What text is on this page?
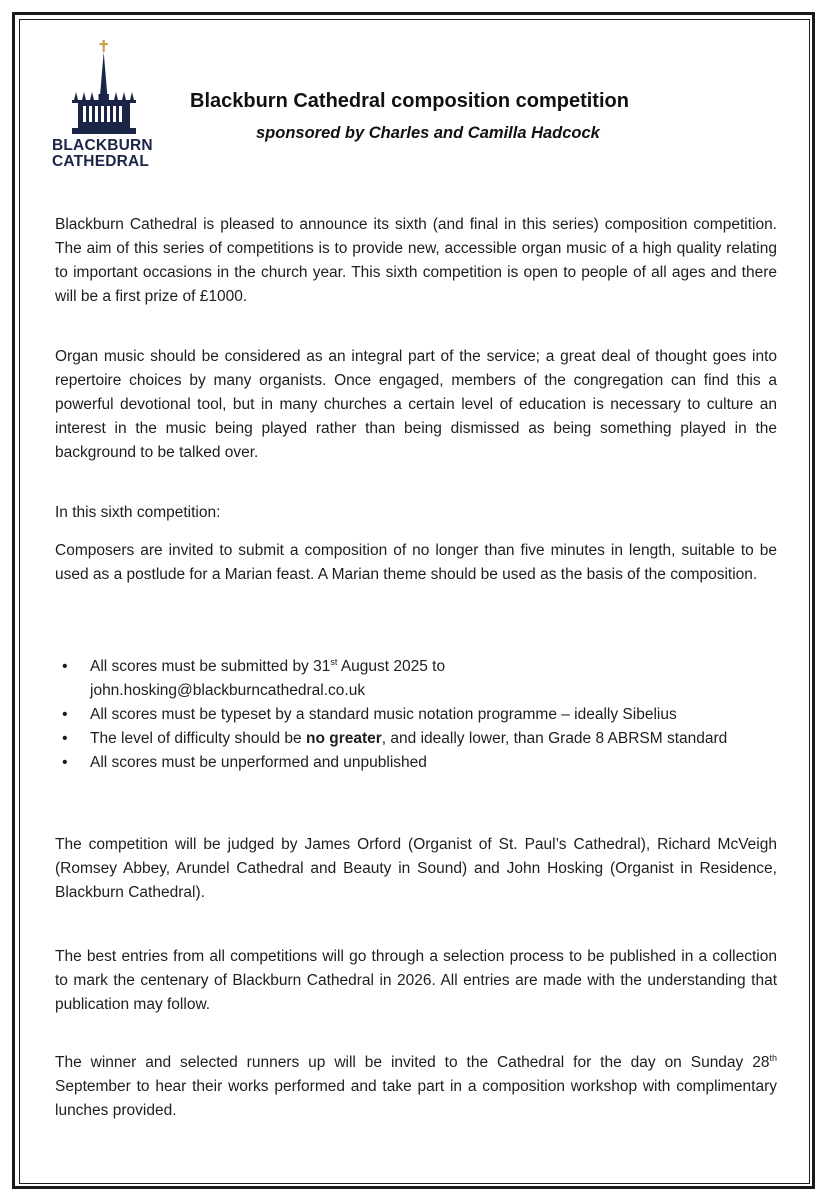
BLACKBURN
CATHEDRAL
Blackburn Cathedral composition competition
sponsored by Charles and Camilla Hadcock

Blackburn Cathedral is pleased to announce its sixth (and final in this series) composition competition. The aim of this series of competitions is to provide new, accessible organ music of a high quality relating to important occasions in the church year. This sixth competition is open to people of all ages and there will be a first prize of £1000.

Organ music should be considered as an integral part of the service; a great deal of thought goes into repertoire choices by many organists. Once engaged, members of the congregation can find this a powerful devotional tool, but in many churches a certain level of education is necessary to culture an interest in the music being played rather than being dismissed as being something played in the background to be talked over.

In this sixth competition:

Composers are invited to submit a composition of no longer than five minutes in length, suitable to be used as a postlude for a Marian feast. A Marian theme should be used as the basis of the composition.

• All scores must be submitted by 31st August 2025 to
john.hosking@blackburncathedral.co.uk
• All scores must be typeset by a standard music notation programme – ideally Sibelius
• The level of difficulty should be no greater, and ideally lower, than Grade 8 ABRSM standard
• All scores must be unperformed and unpublished

The competition will be judged by James Orford (Organist of St. Paul’s Cathedral), Richard McVeigh (Romsey Abbey, Arundel Cathedral and Beauty in Sound) and John Hosking (Organist in Residence, Blackburn Cathedral).

The best entries from all competitions will go through a selection process to be published in a collection to mark the centenary of Blackburn Cathedral in 2026. All entries are made with the understanding that publication may follow.

The winner and selected runners up will be invited to the Cathedral for the day on Sunday 28th September to hear their works performed and take part in a composition workshop with complimentary lunches provided.
